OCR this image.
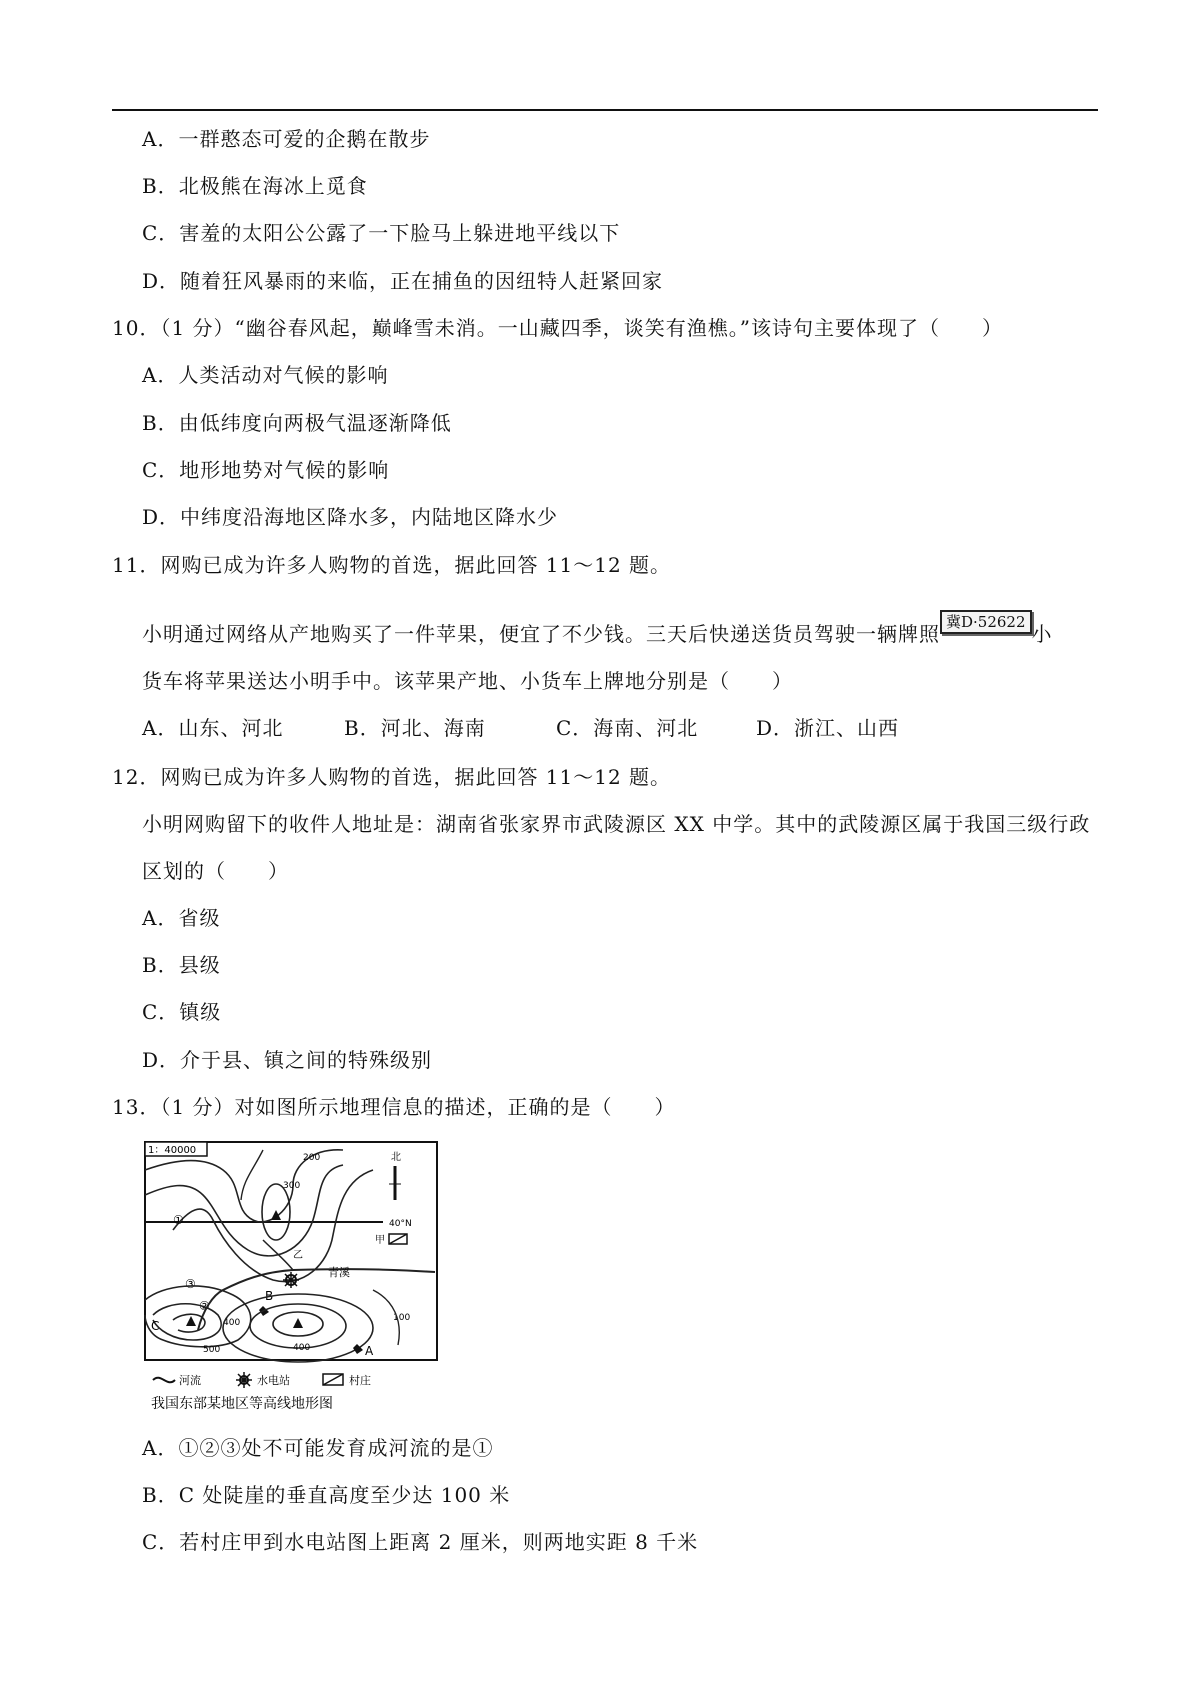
A．一群憨态可爱的企鹅在散步
B．北极熊在海冰上觅食
C．害羞的太阳公公露了一下脸马上躲进地平线以下
D．随着狂风暴雨的来临，正在捕鱼的因纽特人赶紧回家
10．（1 分）“幽谷春风起，巅峰雪未消。一山藏四季，谈笑有渔樵。”该诗句主要体现了（　　）
A．人类活动对气候的影响
B．由低纬度向两极气温逐渐降低
C．地形地势对气候的影响
D．中纬度沿海地区降水多，内陆地区降水少
11．网购已成为许多人购物的首选，据此回答 11～12 题。
小明通过网络从产地购买了一件苹果，便宜了不少钱。三天后快递送货员驾驶一辆牌照 冀D·52622 小
货车将苹果送达小明手中。该苹果产地、小货车上牌地分别是（　　）
A．山东、河北	B．河北、海南	C．海南、河北	D．浙江、山西
12．网购已成为许多人购物的首选，据此回答 11～12 题。
小明网购留下的收件人地址是：湖南省张家界市武陵源区 XX 中学。其中的武陵源区属于我国三级行政
区划的（　　）
A．省级
B．县级
C．镇级
D．介于县、镇之间的特殊级别
13．（1 分）对如图所示地理信息的描述，正确的是（　　）
1：40000
40°N
北
甲
200
300
①
②
③
乙
青溪
B
C
500
400
400
100
A
河流	水电站	村庄
我国东部某地区等高线地形图
A．①②③处不可能发育成河流的是①
B．C 处陡崖的垂直高度至少达 100 米
C．若村庄甲到水电站图上距离 2 厘米，则两地实距 8 千米
